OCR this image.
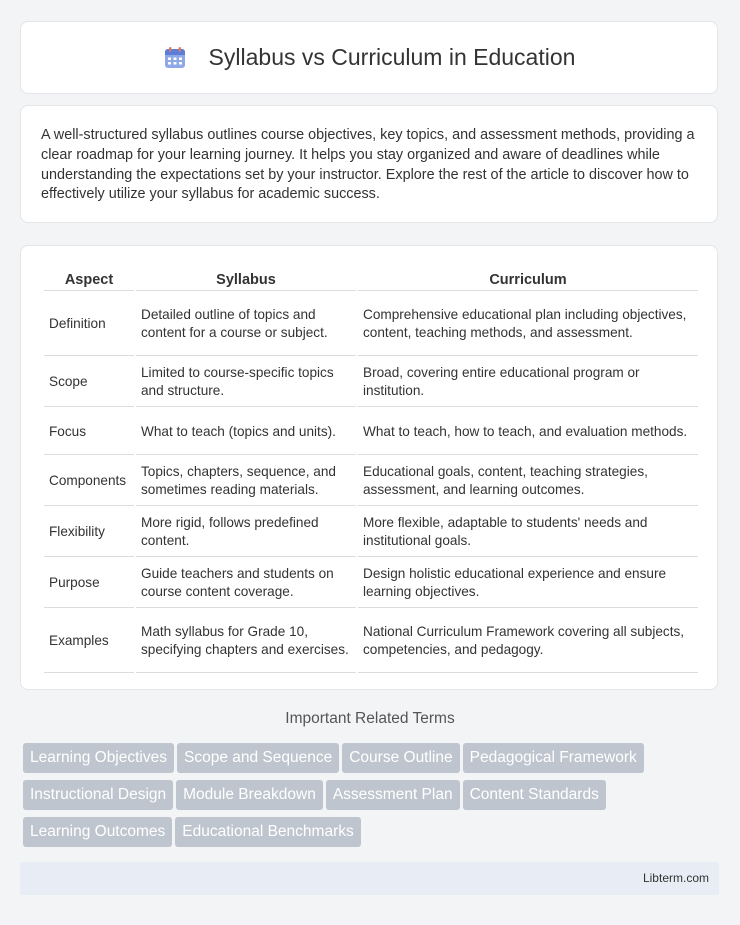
Syllabus vs Curriculum in Education
A well-structured syllabus outlines course objectives, key topics, and assessment methods, providing a clear roadmap for your learning journey. It helps you stay organized and aware of deadlines while understanding the expectations set by your instructor. Explore the rest of the article to discover how to effectively utilize your syllabus for academic success.
Aspect	Syllabus	Curriculum
Definition	Detailed outline of topics and content for a course or subject.	Comprehensive educational plan including objectives, content, teaching methods, and assessment.
Scope	Limited to course-specific topics and structure.	Broad, covering entire educational program or institution.
Focus	What to teach (topics and units).	What to teach, how to teach, and evaluation methods.
Components	Topics, chapters, sequence, and sometimes reading materials.	Educational goals, content, teaching strategies, assessment, and learning outcomes.
Flexibility	More rigid, follows predefined content.	More flexible, adaptable to students' needs and institutional goals.
Purpose	Guide teachers and students on course content coverage.	Design holistic educational experience and ensure learning objectives.
Examples	Math syllabus for Grade 10, specifying chapters and exercises.	National Curriculum Framework covering all subjects, competencies, and pedagogy.
Important Related Terms
Learning Objectives Scope and Sequence Course Outline Pedagogical Framework
Instructional Design Module Breakdown Assessment Plan Content Standards
Learning Outcomes Educational Benchmarks
Libterm.com
